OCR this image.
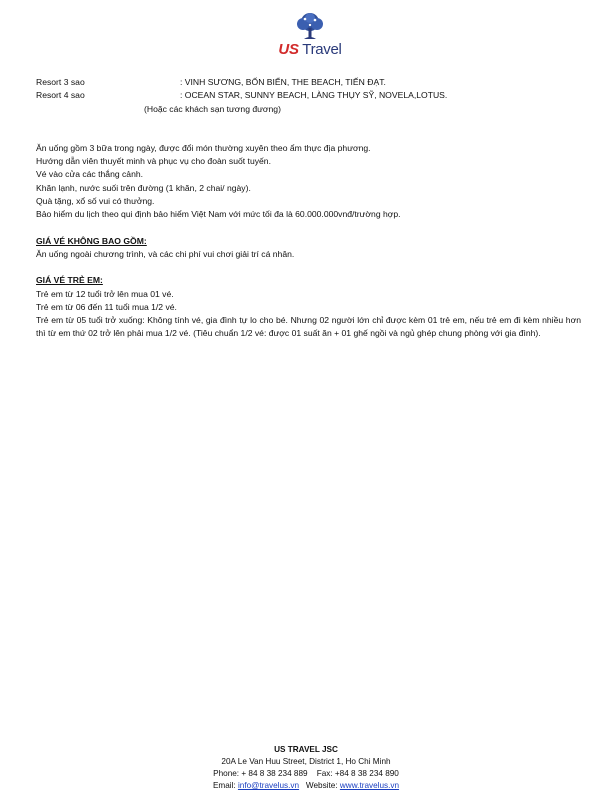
US Travel
Resort 3 sao	: VINH SƯƠNG, BỐN BIỂN, THE BEACH, TIẾN ĐẠT.
Resort 4 sao	: OCEAN STAR, SUNNY BEACH, LÀNG THỤY SỸ, NOVELA,LOTUS.
(Hoặc các khách sạn tương đương)
Ăn uống gồm 3 bữa trong ngày, được đổi món thường xuyên theo ẩm thực địa phương.
Hướng dẫn viên thuyết minh và phục vụ cho đoàn suốt tuyến.
Vé vào cửa các thắng cảnh.
Khăn lạnh, nước suối trên đường (1 khăn, 2 chai/ ngày).
Quà tặng, xổ số vui có thưởng.
Bảo hiểm du lịch theo qui định bảo hiểm Việt Nam với mức tối đa là 60.000.000vnđ/trường hợp.
GIÁ VÉ KHÔNG BAO GỒM:
Ăn uống ngoài chương trình, và các chi phí vui chơi giải trí cá nhân.
GIÁ VÉ TRẺ EM:
Trẻ em từ 12 tuổi trở lên mua 01 vé.
Trẻ em từ 06 đến 11 tuổi mua 1/2 vé.
Trẻ em từ 05 tuổi trở xuống: Không tính vé, gia đình tự lo cho bé. Nhưng 02 người lớn chỉ được kèm 01 trẻ em, nếu trẻ em đi kèm nhiều hơn thì từ em thứ 02 trở lên phải mua 1/2 vé. (Tiêu chuẩn 1/2 vé: được 01 suất ăn + 01 ghế ngồi và ngủ ghép chung phòng với gia đình).
US TRAVEL JSC
20A Le Van Huu Street, District 1, Ho Chi Minh
Phone: + 84 8 38 234 889    Fax: +84 8 38 234 890
Email: info@travelus.vn   Website: www.travelus.vn
